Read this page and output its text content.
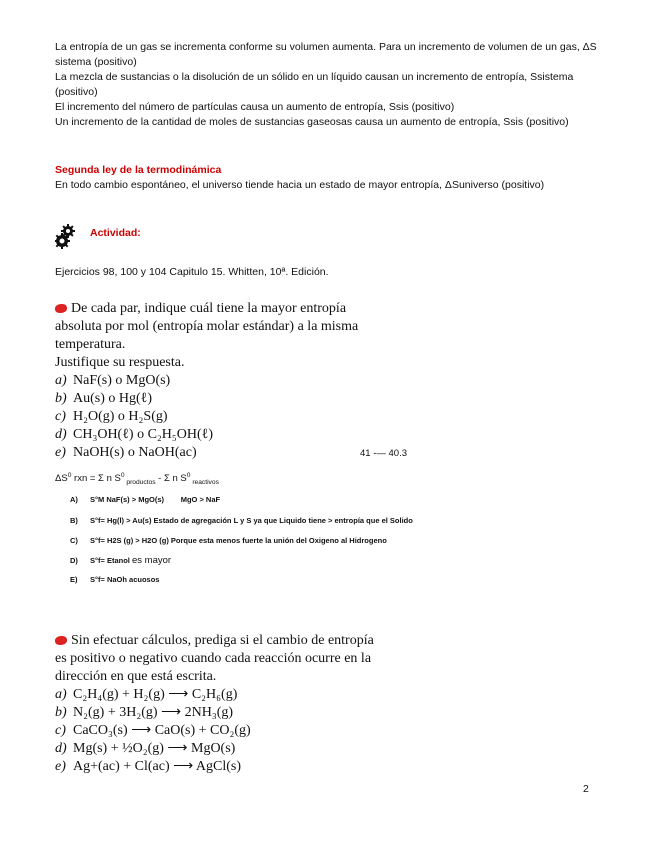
La entropía de un gas se incrementa conforme su volumen aumenta. Para un incremento de volumen de un gas, ΔS sistema (positivo)
La mezcla de sustancias o la disolución de un sólido en un líquido causan un incremento de entropía, Ssistema (positivo)
El incremento del número de partículas causa un aumento de entropía, Ssis (positivo)
Un incremento de la cantidad de moles de sustancias gaseosas causa un aumento de entropía, Ssis (positivo)
Segunda ley de la termodinámica
En todo cambio espontáneo, el universo tiende hacia un estado de mayor entropía, ΔSuniverso (positivo)
Actividad:
Ejercicios 98, 100 y 104 Capitulo 15. Whitten, 10ª. Edición.
De cada par, indique cuál tiene la mayor entropía
absoluta por mol (entropía molar estándar) a la misma
temperatura.
Justifique su respuesta.
a) NaF(s) o MgO(s)
b) Au(s) o Hg(ℓ)
c) H₂O(g) o H₂S(g)
d) CH₃OH(ℓ) o C₂H₅OH(ℓ)
e) NaOH(s) o NaOH(ac)	41 -— 40.3
$\Delta S^0$ rxn = Σ n $S^0$ $_{productos}$ - Σ n $S^0$ $_{reactivos}$
A) S°M NaF(s) > MgO(s)        MgO > NaF
B) S°f= Hg(l) > Au(s) Estado de agregación L y S ya que Liquido tiene > entropía que el Solido
C) S°f= H2S (g) > H2O (g) Porque esta menos fuerte la unión del Oxigeno al Hidrogeno
D) S°f= Etanol es mayor
E) S°f= NaOh acuosos
Sin efectuar cálculos, prediga si el cambio de entropía
es positivo o negativo cuando cada reacción ocurre en la
dirección en que está escrita.
a) C₂H₄(g) + H₂(g) ⟶ C₂H₆(g)
b) N₂(g) + 3H₂(g) ⟶ 2NH₃(g)
c) CaCO₃(s) ⟶ CaO(s) + CO₂(g)
d) Mg(s) + ½O₂(g) ⟶ MgO(s)
e) Ag+(ac) + Cl(ac) ⟶ AgCl(s)
2
